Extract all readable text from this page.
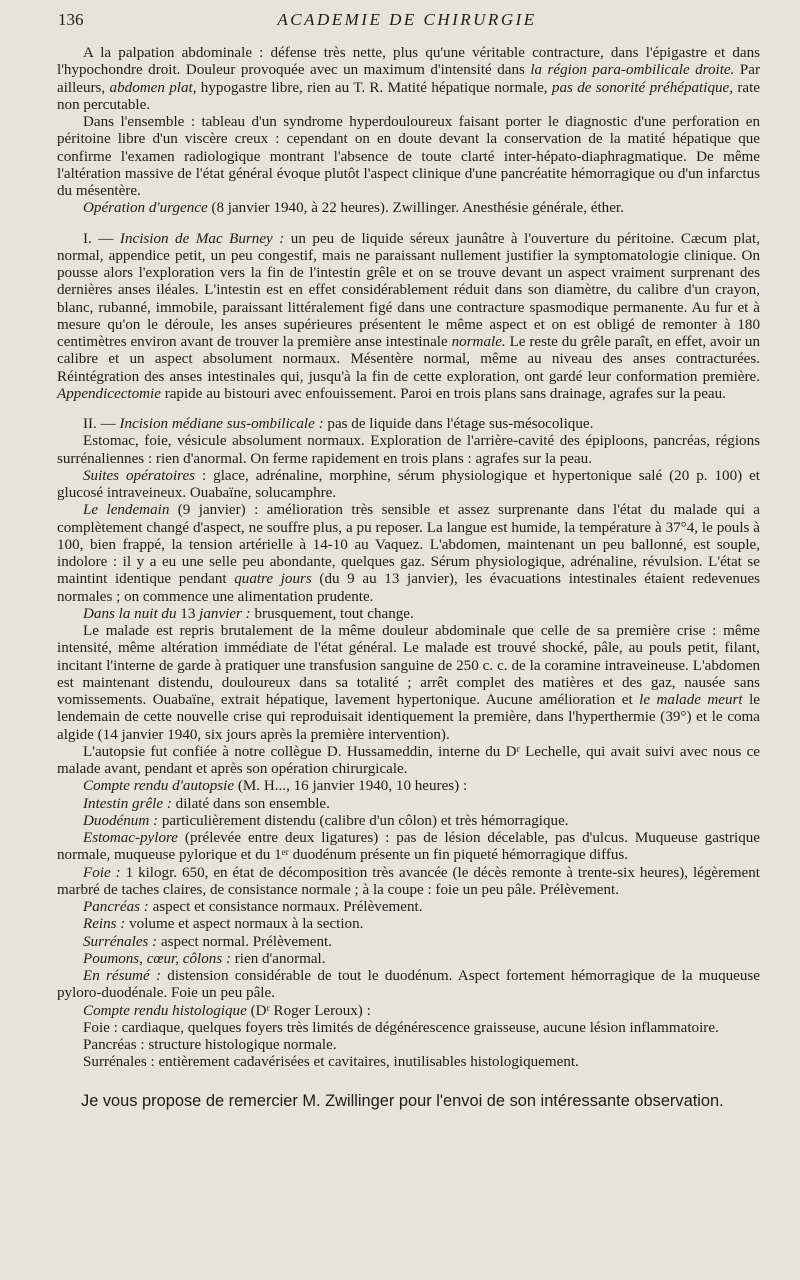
136	ACADEMIE DE CHIRURGIE

A la palpation abdominale : défense très nette, plus qu'une véritable contracture, dans l'épigastre et dans l'hypochondre droit. Douleur provoquée avec un maximum d'intensité dans la région para-ombilicale droite. Par ailleurs, abdomen plat, hypogastre libre, rien au T. R. Matité hépatique normale, pas de sonorité préhépatique, rate non percutable.

Dans l'ensemble : tableau d'un syndrome hyperdouloureux faisant porter le diagnostic d'une perforation en péritoine libre d'un viscère creux : cependant on en doute devant la conservation de la matité hépatique que confirme l'examen radiologique montrant l'absence de toute clarté inter-hépato-diaphragmatique. De même l'altération massive de l'état général évoque plutôt l'aspect clinique d'une pancréatite hémorragique ou d'un infarctus du mésentère.

Opération d'urgence (8 janvier 1940, à 22 heures). Zwillinger. Anesthésie générale, éther.

I. — Incision de Mac Burney : un peu de liquide séreux jaunâtre à l'ouverture du péritoine. Cæcum plat, normal, appendice petit, un peu congestif, mais ne paraissant nullement justifier la symptomatologie clinique. On pousse alors l'exploration vers la fin de l'intestin grêle et on se trouve devant un aspect vraiment surprenant des dernières anses iléales. L'intestin est en effet considérablement réduit dans son diamètre, du calibre d'un crayon, blanc, rubanné, immobile, paraissant littéralement figé dans une contracture spasmodique permanente. Au fur et à mesure qu'on le déroule, les anses supérieures présentent le même aspect et on est obligé de remonter à 180 centimètres environ avant de trouver la première anse intestinale normale. Le reste du grêle paraît, en effet, avoir un calibre et un aspect absolument normaux. Mésentère normal, même au niveau des anses contracturées. Réintégration des anses intestinales qui, jusqu'à la fin de cette exploration, ont gardé leur conformation première. Appendicectomie rapide au bistouri avec enfouissement. Paroi en trois plans sans drainage, agrafes sur la peau.

II. — Incision médiane sus-ombilicale : pas de liquide dans l'étage sus-mésocolique.

Estomac, foie, vésicule absolument normaux. Exploration de l'arrière-cavité des épiploons, pancréas, régions surrénaliennes : rien d'anormal. On ferme rapidement en trois plans : agrafes sur la peau.

Suites opératoires : glace, adrénaline, morphine, sérum physiologique et hypertonique salé (20 p. 100) et glucosé intraveineux. Ouabaïne, solucamphre.

Le lendemain (9 janvier) : amélioration très sensible et assez surprenante dans l'état du malade qui a complètement changé d'aspect, ne souffre plus, a pu reposer. La langue est humide, la température à 37°4, le pouls à 100, bien frappé, la tension artérielle à 14-10 au Vaquez. L'abdomen, maintenant un peu ballonné, est souple, indolore : il y a eu une selle peu abondante, quelques gaz. Sérum physiologique, adrénaline, révulsion. L'état se maintint identique pendant quatre jours (du 9 au 13 janvier), les évacuations intestinales étaient redevenues normales ; on commence une alimentation prudente.

Dans la nuit du 13 janvier : brusquement, tout change.

Le malade est repris brutalement de la même douleur abdominale que celle de sa première crise : même intensité, même altération immédiate de l'état général. Le malade est trouvé shocké, pâle, au pouls petit, filant, incitant l'interne de garde à pratiquer une transfusion sanguine de 250 c. c. de la coramine intraveineuse. L'abdomen est maintenant distendu, douloureux dans sa totalité ; arrêt complet des matières et des gaz, nausée sans vomissements. Ouabaïne, extrait hépatique, lavement hypertonique. Aucune amélioration et le malade meurt le lendemain de cette nouvelle crise qui reproduisait identiquement la première, dans l'hyperthermie (39°) et le coma algide (14 janvier 1940, six jours après la première intervention).

L'autopsie fut confiée à notre collègue D. Hussameddin, interne du Dʳ Lechelle, qui avait suivi avec nous ce malade avant, pendant et après son opération chirurgicale.

Compte rendu d'autopsie (M. H..., 16 janvier 1940, 10 heures) :

Intestin grêle : dilaté dans son ensemble.

Duodénum : particulièrement distendu (calibre d'un côlon) et très hémorragique.

Estomac-pylore (prélevée entre deux ligatures) : pas de lésion décelable, pas d'ulcus. Muqueuse gastrique normale, muqueuse pylorique et du 1ᵉʳ duodénum présente un fin piqueté hémorragique diffus.

Foie : 1 kilogr. 650, en état de décomposition très avancée (le décès remonte à trente-six heures), légèrement marbré de taches claires, de consistance normale ; à la coupe : foie un peu pâle. Prélèvement.

Pancréas : aspect et consistance normaux. Prélèvement.

Reins : volume et aspect normaux à la section.

Surrénales : aspect normal. Prélèvement.

Poumons, cœur, côlons : rien d'anormal.

En résumé : distension considérable de tout le duodénum. Aspect fortement hémorragique de la muqueuse pyloro-duodénale. Foie un peu pâle.

Compte rendu histologique (Dʳ Roger Leroux) :

Foie : cardiaque, quelques foyers très limités de dégénérescence graisseuse, aucune lésion inflammatoire.

Pancréas : structure histologique normale.

Surrénales : entièrement cadavérisées et cavitaires, inutilisables histologiquement.

Je vous propose de remercier M. Zwillinger pour l'envoi de son intéressante observation.
